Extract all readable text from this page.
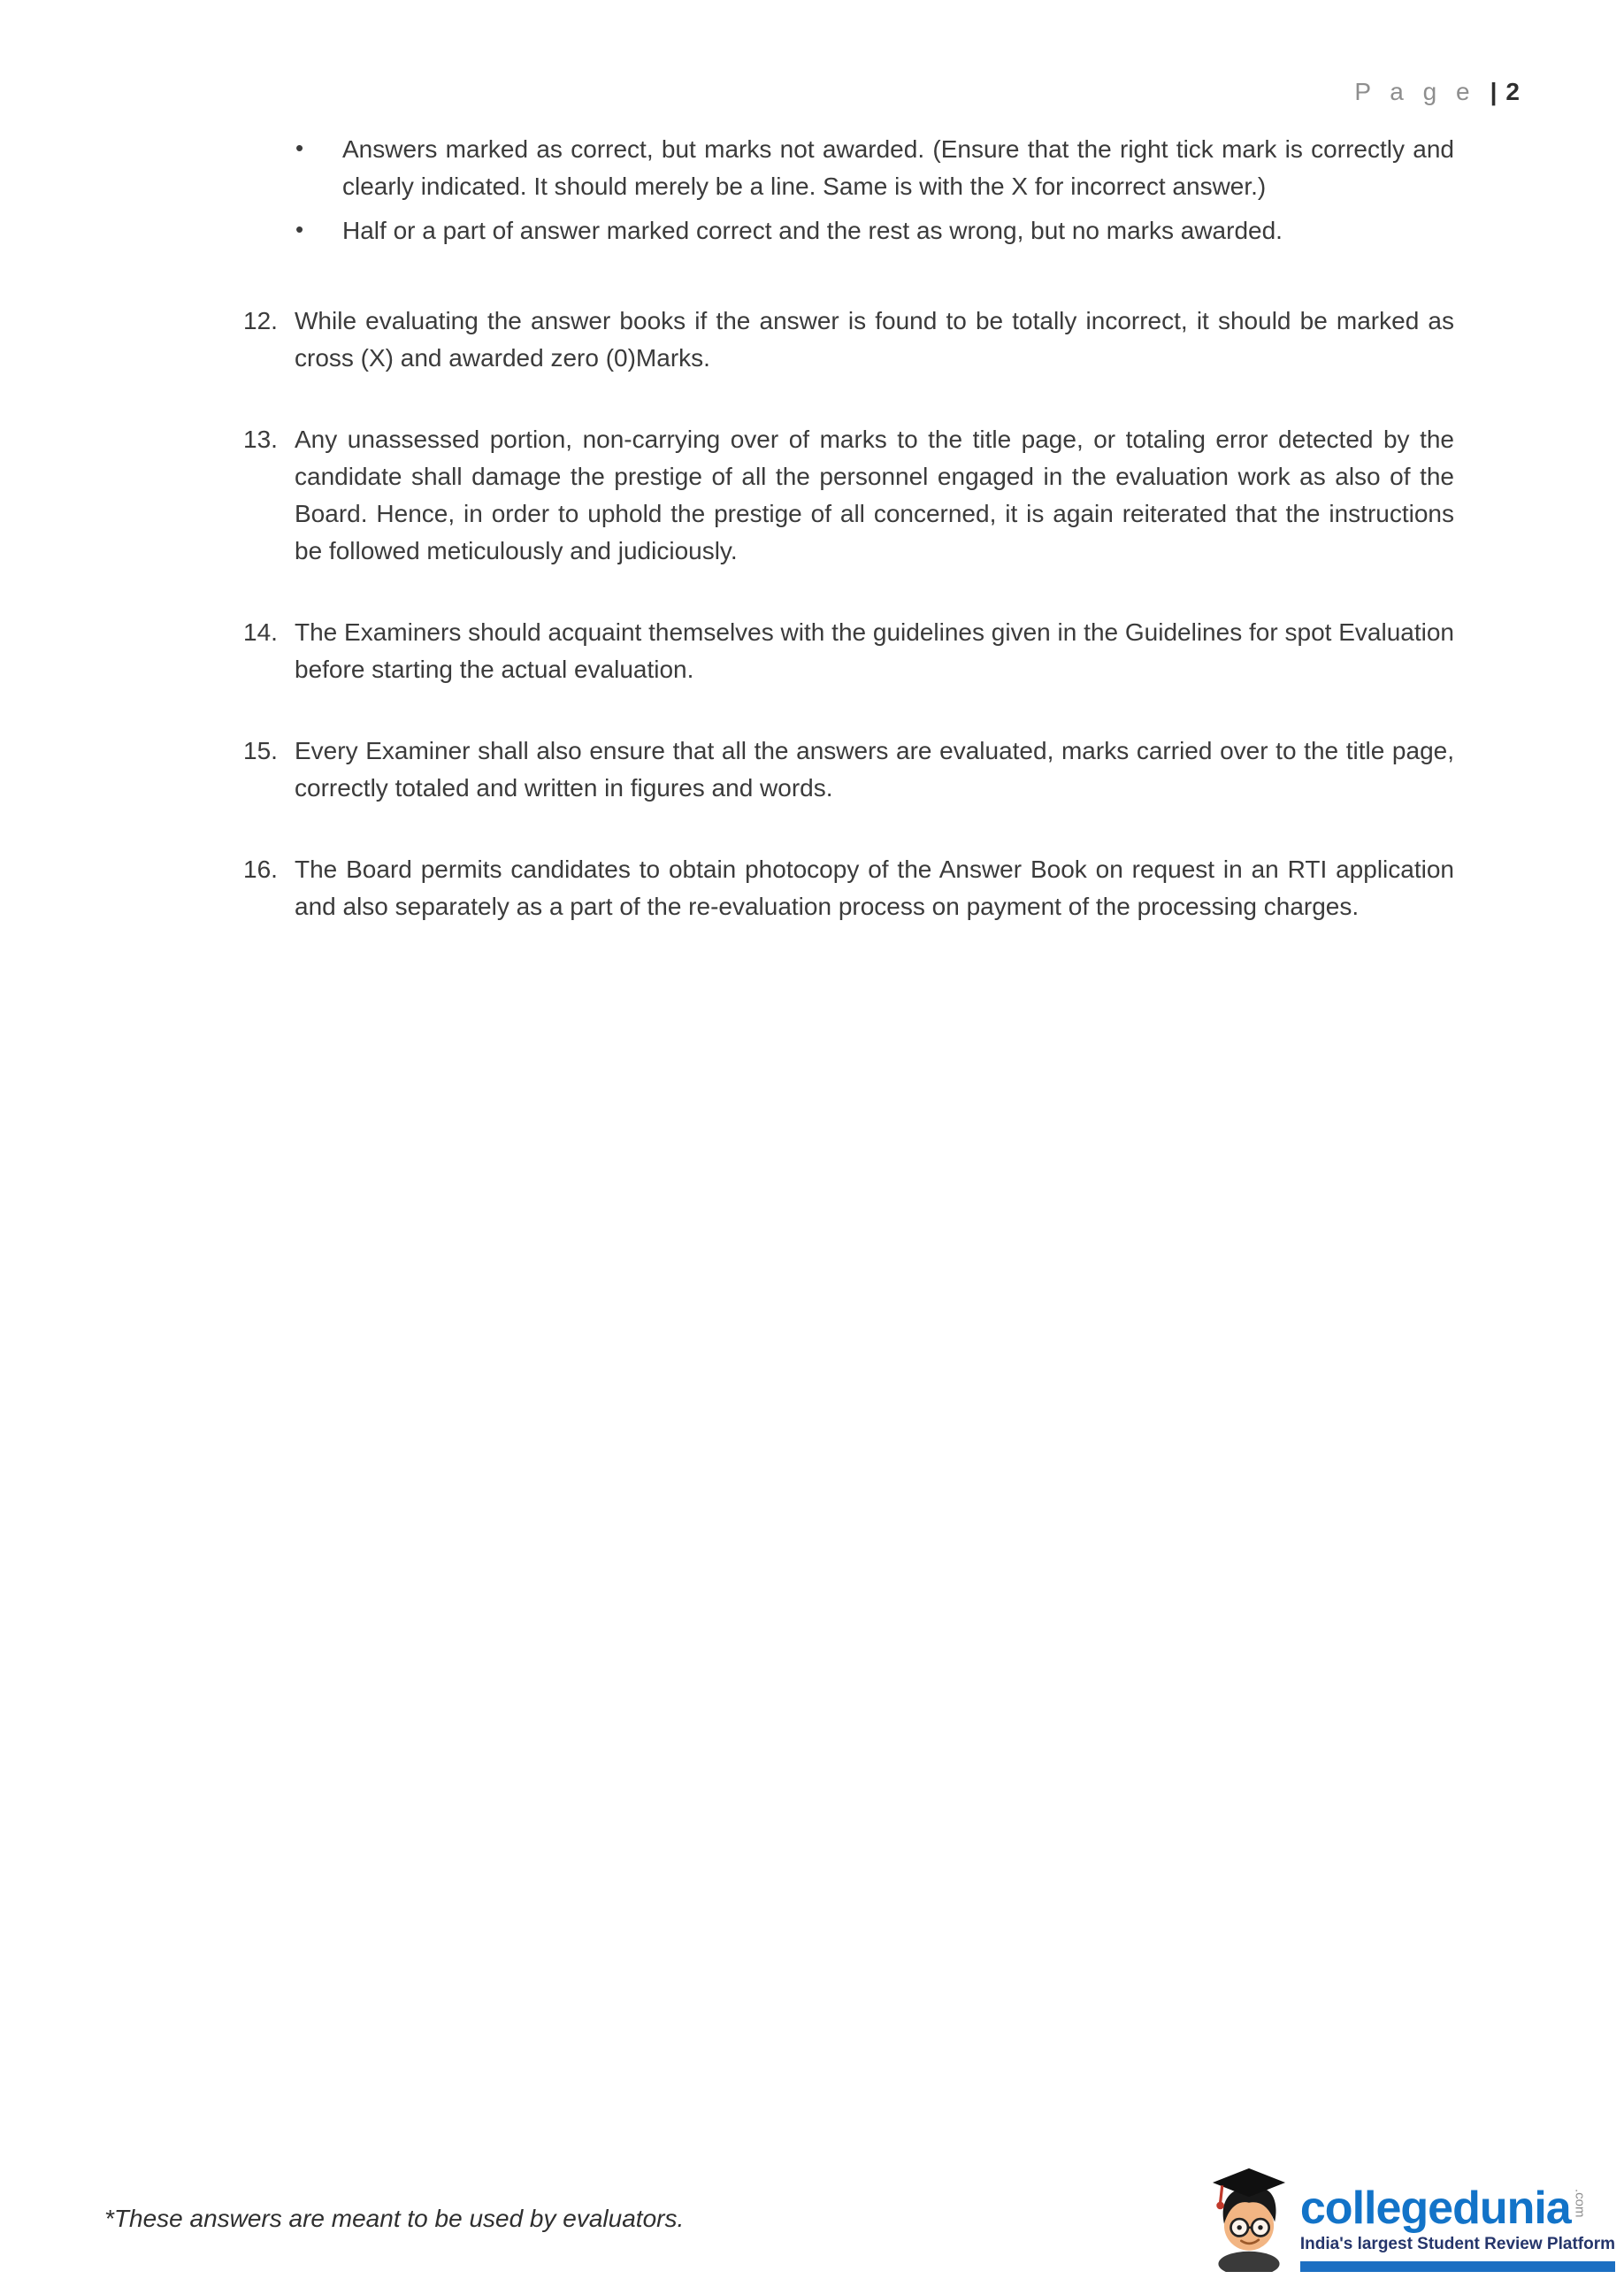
P a g e | 2
•	Answers marked as correct, but marks not awarded. (Ensure that the right tick mark is correctly and clearly indicated. It should merely be a line. Same is with the X for incorrect answer.)
•	Half or a part of answer marked correct and the rest as wrong, but no marks awarded.
12. While evaluating the answer books if the answer is found to be totally incorrect, it should be marked as cross (X) and awarded zero (0)Marks.
13. Any unassessed portion, non-carrying over of marks to the title page, or totaling error detected by the candidate shall damage the prestige of all the personnel engaged in the evaluation work as also of the Board. Hence, in order to uphold the prestige of all concerned, it is again reiterated that the instructions be followed meticulously and judiciously.
14. The Examiners should acquaint themselves with the guidelines given in the Guidelines for spot Evaluation before starting the actual evaluation.
15. Every Examiner shall also ensure that all the answers are evaluated, marks carried over to the title page, correctly totaled and written in figures and words.
16. The Board permits candidates to obtain photocopy of the Answer Book on request in an RTI application and also separately as a part of the re-evaluation process on payment of the processing charges.
*These answers are meant to be used by evaluators.	collegedunia .com
India's largest Student Review Platform
